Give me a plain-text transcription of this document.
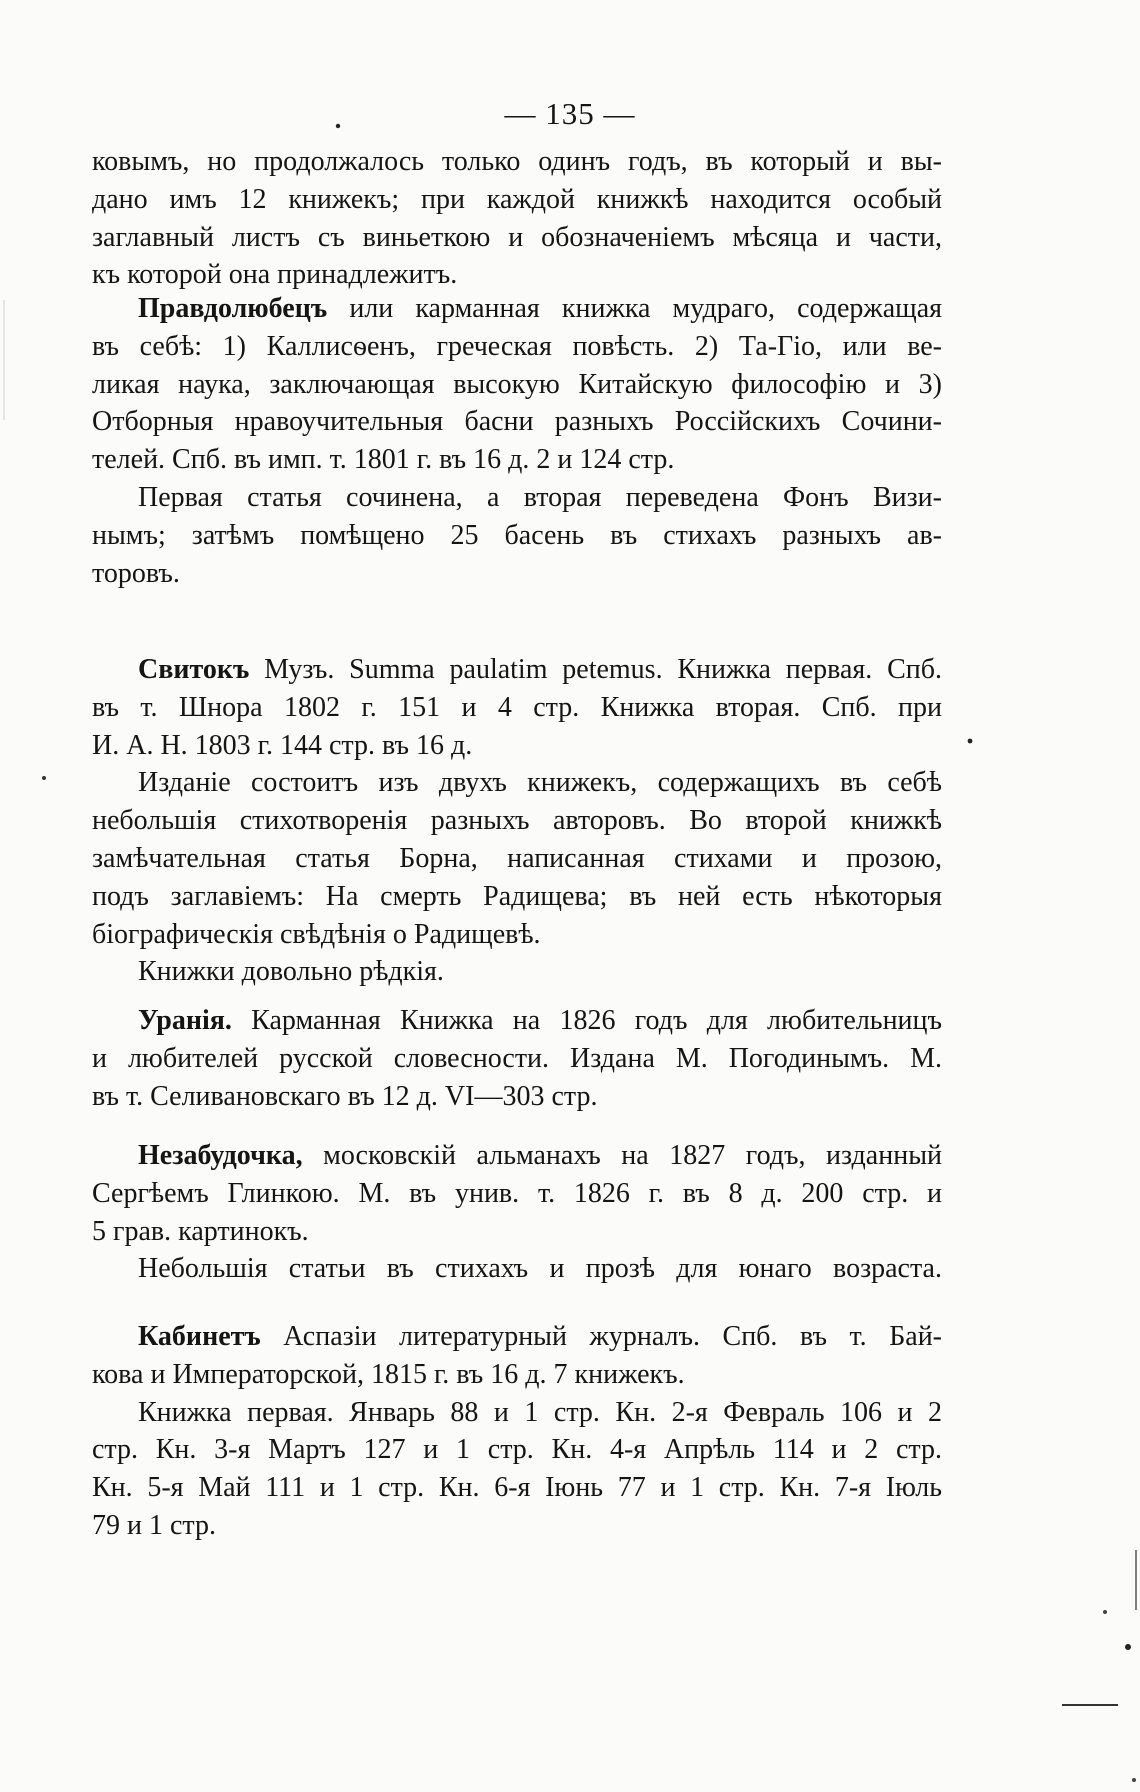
— 135 —
ковымъ, но продолжалось только одинъ годъ, въ который и вы-
дано имъ 12 книжекъ; при каждой книжкѣ находится особый
заглавный листъ съ виньеткою и обозначеніемъ мѣсяца и части,
къ которой она принадлежитъ.
Правдолюбецъ или карманная книжка мудраго, содержащая
въ себѣ: 1) Каллисѳенъ, греческая повѣсть. 2) Та-Гіо, или ве-
ликая наука, заключающая высокую Китайскую философію и 3)
Отборныя нравоучительныя басни разныхъ Россійскихъ Сочини-
телей. Спб. въ имп. т. 1801 г. въ 16 д. 2 и 124 стр.
Первая статья сочинена, а вторая переведена Фонъ Визи-
нымъ; затѣмъ помѣщено 25 басень въ стихахъ разныхъ ав-
торовъ.
Свитокъ Музъ. Summa paulatim petemus. Книжка первая. Спб.
въ т. Шнора 1802 г. 151 и 4 стр. Книжка вторая. Спб. при
И. А. Н. 1803 г. 144 стр. въ 16 д.
Изданіе состоитъ изъ двухъ книжекъ, содержащихъ въ себѣ
небольшія стихотворенія разныхъ авторовъ. Во второй книжкѣ
замѣчательная статья Борна, написанная стихами и прозою,
подъ заглавіемъ: На смерть Радищева; въ ней есть нѣкоторыя
біографическія свѣдѣнія о Радищевѣ.
Книжки довольно рѣдкія.
Уранія. Карманная Книжка на 1826 годъ для любительницъ
и любителей русской словесности. Издана М. Погодинымъ. М.
въ т. Селивановскаго въ 12 д. VI—303 стр.
Незабудочка, московскій альманахъ на 1827 годъ, изданный
Сергѣемъ Глинкою. М. въ унив. т. 1826 г. въ 8 д. 200 стр. и
5 грав. картинокъ.
Небольшія статьи въ стихахъ и прозѣ для юнаго возраста.
Кабинетъ Аспазіи литературный журналъ. Спб. въ т. Бай-
кова и Императорской, 1815 г. въ 16 д. 7 книжекъ.
Книжка первая. Январь 88 и 1 стр. Кн. 2-я Февраль 106 и 2
стр. Кн. 3-я Мартъ 127 и 1 стр. Кн. 4-я Апрѣль 114 и 2 стр.
Кн. 5-я Май 111 и 1 стр. Кн. 6-я Іюнь 77 и 1 стр. Кн. 7-я Іюль
79 и 1 стр.
